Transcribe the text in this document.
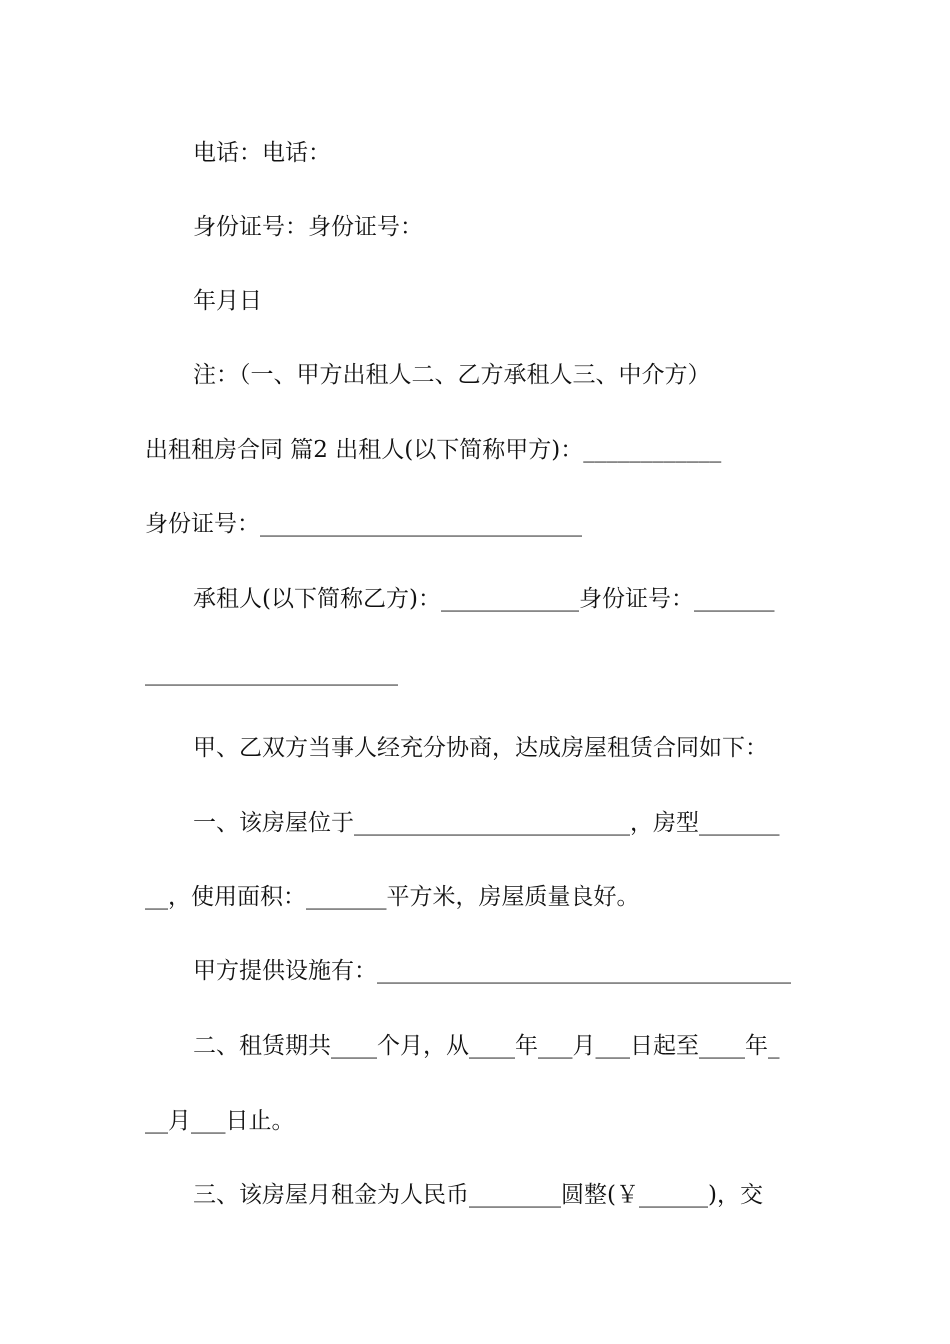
电话：电话：
身份证号：身份证号：
年月日
注：（一、甲方出租人二、乙方承租人三、中介方）
出租租房合同 篇2 出租人(以下简称甲方)：____________
身份证号：____________________________
承租人(以下简称乙方)：____________身份证号：_______
______________________
甲、乙双方当事人经充分协商，达成房屋租赁合同如下：
一、该房屋位于________________________，房型_______
__，使用面积：_______平方米，房屋质量良好。
甲方提供设施有：____________________________________
二、租赁期共____个月，从____年___月___日起至____年_
__月___日止。
三、该房屋月租金为人民币________圆整(￥______)，交
